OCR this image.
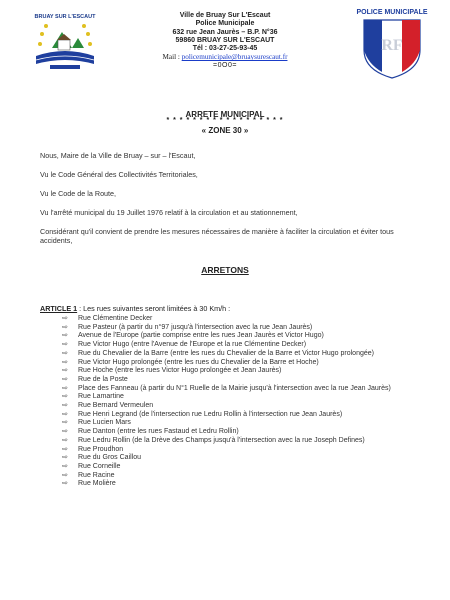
BRUAY SUR L'ESCAUT	Ville de Bruay Sur L'Escaut
Police Municipale
632 rue Jean Jaurès – B.P. N°36
59860 BRUAY SUR L'ESCAUT
Tél : 03-27-25-93-45
Mail : policemunicipale@bruaysurescaut.fr
=0O0=
POLICE MUNICIPALE
RF
ARRETE MUNICIPAL
* * * * * * * * * * * * * * * * * *
« ZONE 30 »
Nous, Maire de la Ville de Bruay – sur – l'Escaut,
Vu le Code Général des Collectivités Territoriales,
Vu le Code de la Route,
Vu l'arrêté municipal du 19 Juillet 1976 relatif à la circulation et au stationnement,
Considérant qu'il convient de prendre les mesures nécessaires de manière à faciliter la circulation et éviter tous accidents,
ARRETONS
ARTICLE 1 : Les rues suivantes seront limitées à 30 Km/h :
⇨ Rue Clémentine Decker
⇨ Rue Pasteur (à partir du n°97 jusqu'à l'intersection avec la rue Jean Jaurès)
⇨ Avenue de l'Europe (partie comprise entre les rues Jean Jaurès et Victor Hugo)
⇨ Rue Victor Hugo (entre l'Avenue de l'Europe et la rue Clémentine Decker)
⇨ Rue du Chevalier de la Barre (entre les rues du Chevalier de la Barre et Victor Hugo prolongée)
⇨ Rue Victor Hugo prolongée (entre les rues du Chevalier de la Barre et Hoche)
⇨ Rue Hoche (entre les rues Victor Hugo prolongée et Jean Jaurès)
⇨ Rue de la Poste
⇨ Place des Fanneau (à partir du N°1 Ruelle de la Mairie jusqu'à l'intersection avec la rue Jean Jaurès)
⇨ Rue Lamartine
⇨ Rue Bernard Vermeulen
⇨ Rue Henri Legrand (de l'intersection rue Ledru Rollin à l'intersection rue Jean Jaurès)
⇨ Rue Lucien Mars
⇨ Rue Danton (entre les rues Fastaud et Ledru Rollin)
⇨ Rue Ledru Rollin (de la Drève des Champs jusqu'à l'intersection avec la rue Joseph Defines)
⇨ Rue Proudhon
⇨ Rue du Gros Caillou
⇨ Rue Corneille
⇨ Rue Racine
⇨ Rue Molière
